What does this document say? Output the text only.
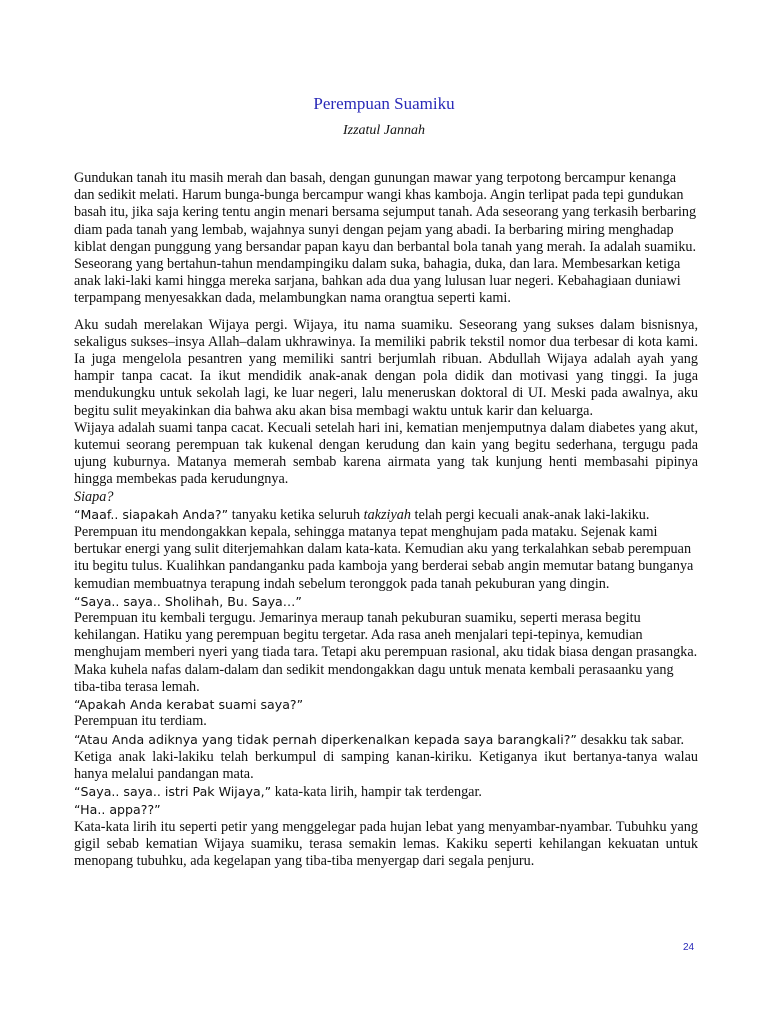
Perempuan Suamiku
Izzatul Jannah

Gundukan tanah itu masih merah dan basah, dengan gunungan mawar yang terpotong bercampur kenanga dan sedikit melati. Harum bunga-bunga bercampur wangi khas kamboja. Angin terlipat pada tepi gundukan basah itu, jika saja kering tentu angin menari bersama sejumput tanah. Ada seseorang yang terkasih berbaring diam pada tanah yang lembab, wajahnya sunyi dengan pejam yang abadi. Ia berbaring miring menghadap kiblat dengan punggung yang bersandar papan kayu dan berbantal bola tanah yang merah. Ia adalah suamiku. Seseorang yang bertahun-tahun mendampingiku dalam suka, bahagia, duka, dan lara. Membesarkan ketiga anak laki-laki kami hingga mereka sarjana, bahkan ada dua yang lulusan luar negeri. Kebahagiaan duniawi terpampang menyesakkan dada, melambungkan nama orangtua seperti kami.

Aku sudah merelakan Wijaya pergi. Wijaya, itu nama suamiku. Seseorang yang sukses dalam bisnisnya, sekaligus sukses–insya Allah–dalam ukhrawinya. Ia memiliki pabrik tekstil nomor dua terbesar di kota kami. Ia juga mengelola pesantren yang memiliki santri berjumlah ribuan. Abdullah Wijaya adalah ayah yang hampir tanpa cacat. Ia ikut mendidik anak-anak dengan pola didik dan motivasi yang tinggi. Ia juga mendukungku untuk sekolah lagi, ke luar negeri, lalu meneruskan doktoral di UI. Meski pada awalnya, aku begitu sulit meyakinkan dia bahwa aku akan bisa membagi waktu untuk karir dan keluarga.

Wijaya adalah suami tanpa cacat. Kecuali setelah hari ini, kematian menjemputnya dalam diabetes yang akut, kutemui seorang perempuan tak kukenal dengan kerudung dan kain yang begitu sederhana, tergugu pada ujung kuburnya. Matanya memerah sembab karena airmata yang tak kunjung henti membasahi pipinya hingga membekas pada kerudungnya.

Siapa?

“Maaf.. siapakah Anda?” tanyaku ketika seluruh takziyah telah pergi kecuali anak-anak laki-lakiku.

Perempuan itu mendongakkan kepala, sehingga matanya tepat menghujam pada mataku. Sejenak kami bertukar energi yang sulit diterjemahkan dalam kata-kata. Kemudian aku yang terkalahkan sebab perempuan itu begitu tulus. Kualihkan pandanganku pada kamboja yang berderai sebab angin memutar batang bunganya kemudian membuatnya terapung indah sebelum teronggok pada tanah pekuburan yang dingin.

“Saya.. saya.. Sholihah, Bu. Saya…”

Perempuan itu kembali tergugu. Jemarinya meraup tanah pekuburan suamiku, seperti merasa begitu kehilangan. Hatiku yang perempuan begitu tergetar. Ada rasa aneh menjalari tepi-tepinya, kemudian menghujam memberi nyeri yang tiada tara. Tetapi aku perempuan rasional, aku tidak biasa dengan prasangka. Maka kuhela nafas dalam-dalam dan sedikit mendongakkan dagu untuk menata kembali perasaanku yang tiba-tiba terasa lemah.

“Apakah Anda kerabat suami saya?”

Perempuan itu terdiam.

“Atau Anda adiknya yang tidak pernah diperkenalkan kepada saya barangkali?” desakku tak sabar.

Ketiga anak laki-lakiku telah berkumpul di samping kanan-kiriku. Ketiganya ikut bertanya-tanya walau hanya melalui pandangan mata.

“Saya.. saya.. istri Pak Wijaya,” kata-kata lirih, hampir tak terdengar.

“Ha.. appa??”

Kata-kata lirih itu seperti petir yang menggelegar pada hujan lebat yang menyambar-nyambar. Tubuhku yang gigil sebab kematian Wijaya suamiku, terasa semakin lemas. Kakiku seperti kehilangan kekuatan untuk menopang tubuhku, ada kegelapan yang tiba-tiba menyergap dari segala penjuru.

24
